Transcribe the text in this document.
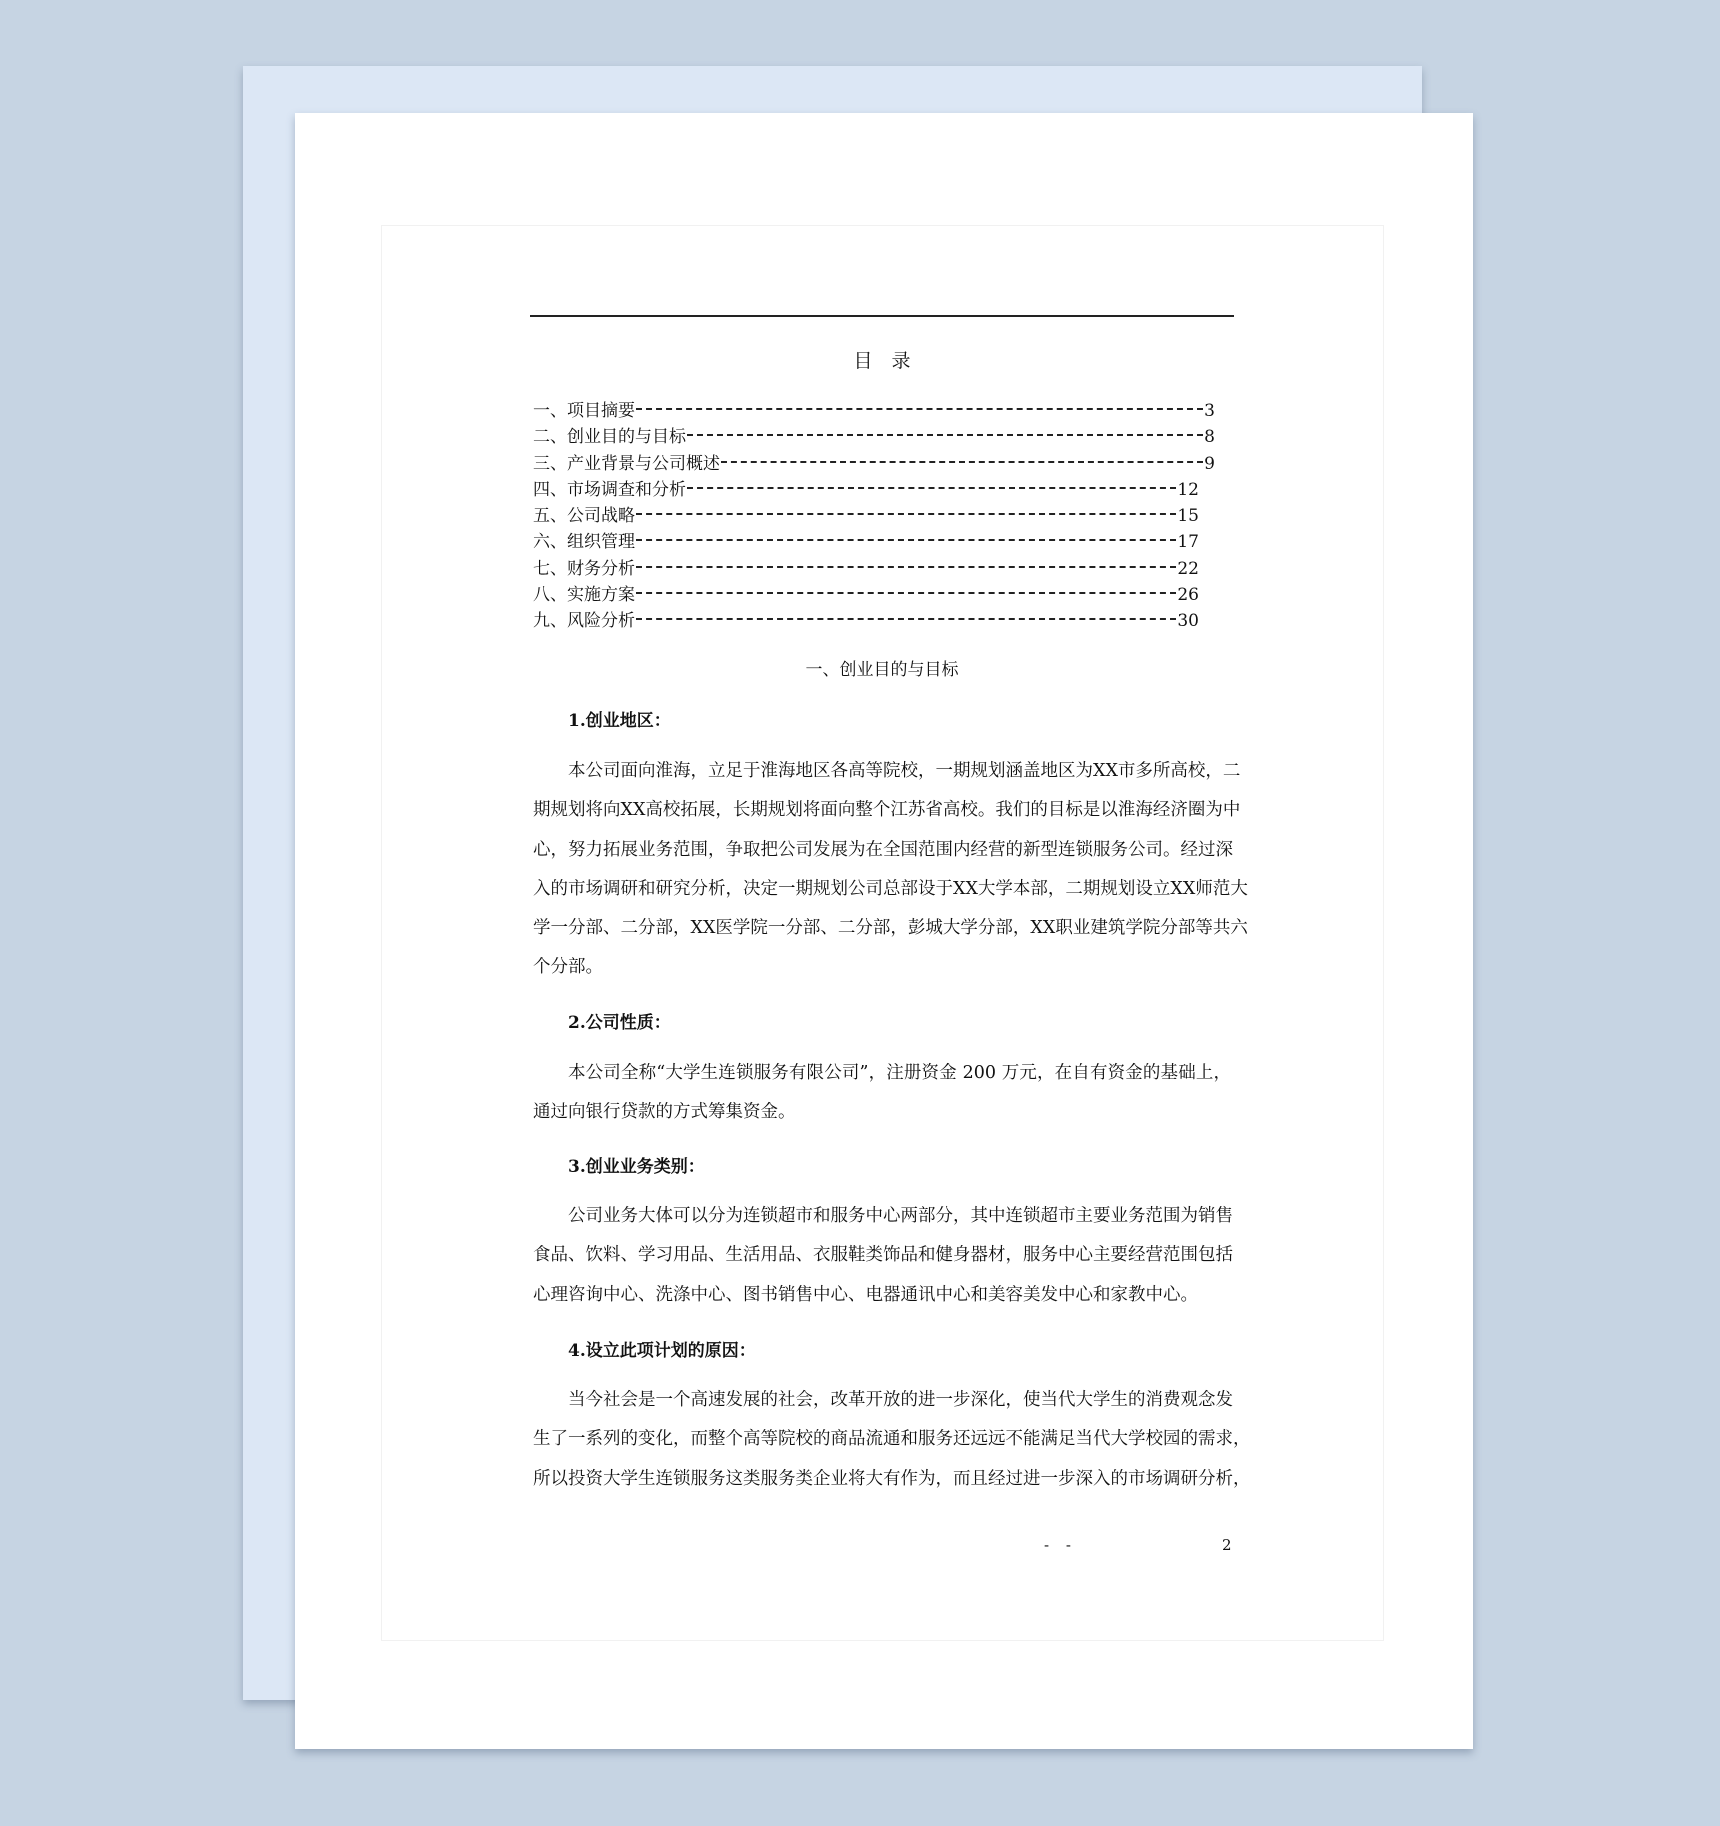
目　录
一、项目摘要	3
二、创业目的与目标	8
三、产业背景与公司概述	9
四、市场调查和分析	12
五、公司战略	15
六、组织管理	17
七、财务分析	22
八、实施方案	26
九、风险分析	30
一、创业目的与目标
1.创业地区：
本公司面向淮海，立足于淮海地区各高等院校，一期规划涵盖地区为XX市多所高校，二
期规划将向XX高校拓展，长期规划将面向整个江苏省高校。我们的目标是以淮海经济圈为中
心，努力拓展业务范围，争取把公司发展为在全国范围内经营的新型连锁服务公司。经过深
入的市场调研和研究分析，决定一期规划公司总部设于XX大学本部，二期规划设立XX师范大
学一分部、二分部，XX医学院一分部、二分部，彭城大学分部，XX职业建筑学院分部等共六
个分部。
2.公司性质：
本公司全称“大学生连锁服务有限公司”，注册资金 200 万元，在自有资金的基础上，
通过向银行贷款的方式筹集资金。
3.创业业务类别：
公司业务大体可以分为连锁超市和服务中心两部分，其中连锁超市主要业务范围为销售
食品、饮料、学习用品、生活用品、衣服鞋类饰品和健身器材，服务中心主要经营范围包括
心理咨询中心、洗涤中心、图书销售中心、电器通讯中心和美容美发中心和家教中心。
4.设立此项计划的原因：
当今社会是一个高速发展的社会，改革开放的进一步深化，使当代大学生的消费观念发
生了一系列的变化，而整个高等院校的商品流通和服务还远远不能满足当代大学校园的需求，
所以投资大学生连锁服务这类服务类企业将大有作为，而且经过进一步深入的市场调研分析，
- -	2
